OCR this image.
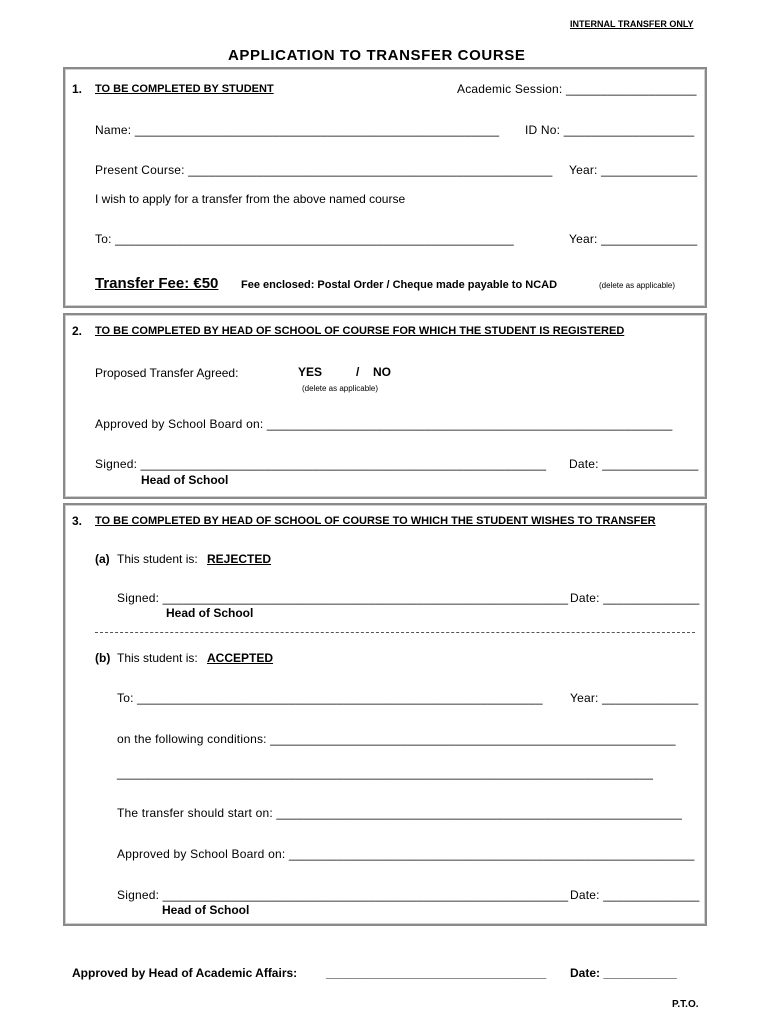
INTERNAL TRANSFER ONLY
APPLICATION TO TRANSFER COURSE
1. TO BE COMPLETED BY STUDENT	Academic Session: ___________________
Name: _____________________________________________________ ID No: ___________________
Present Course: _____________________________________________________ Year: ______________
I wish to apply for a transfer from the above named course
To: __________________________________________________________	Year: ______________
Transfer Fee: €50 Fee enclosed: Postal Order / Cheque made payable to NCAD	(delete as applicable)
2. TO BE COMPLETED BY HEAD OF SCHOOL OF COURSE FOR WHICH THE STUDENT IS REGISTERED
Proposed Transfer Agreed:	YES	/ NO
(delete as applicable)
Approved by School Board on: ___________________________________________________________
Signed: ___________________________________________________________ Date: ______________
Head of School
3. TO BE COMPLETED BY HEAD OF SCHOOL OF COURSE TO WHICH THE STUDENT WISHES TO TRANSFER
(a) This student is: REJECTED
Signed: ___________________________________________________________ Date: ______________
Head of School
(b) This student is: ACCEPTED
To: ___________________________________________________________ Year: ______________
on the following conditions: ___________________________________________________________
______________________________________________________________________________
The transfer should start on: ___________________________________________________________
Approved by School Board on: ___________________________________________________________
Signed: ___________________________________________________________ Date: ______________
Head of School
Approved by Head of Academic Affairs: _________________________________ Date: ___________
P.T.O.
